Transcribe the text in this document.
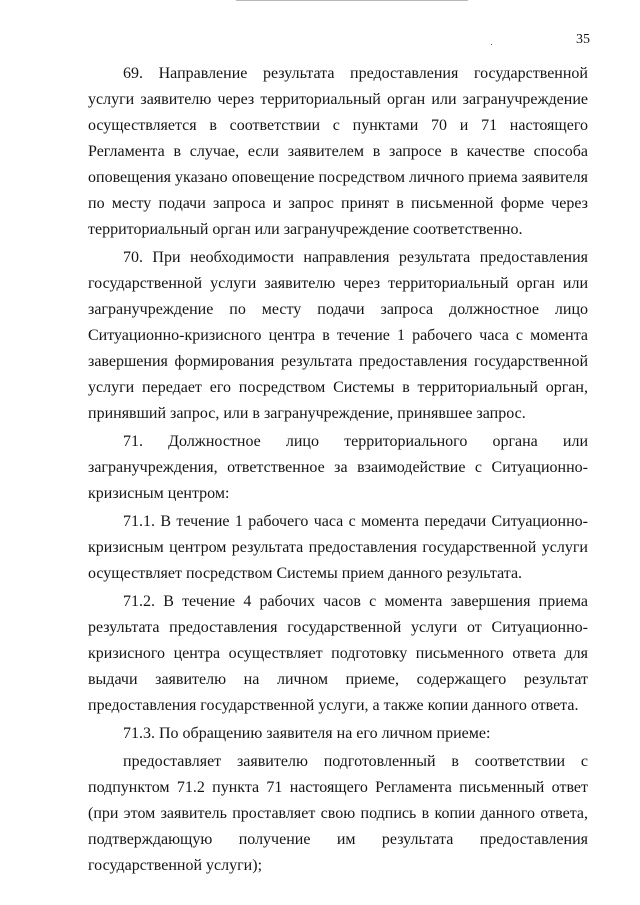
35

69. Направление результата предоставления государственной услуги заявителю через территориальный орган или загранучреждение осуществляется в соответствии с пунктами 70 и 71 настоящего Регламента в случае, если заявителем в запросе в качестве способа оповещения указано оповещение посредством личного приема заявителя по месту подачи запроса и запрос принят в письменной форме через территориальный орган или загранучреждение соответственно.

70. При необходимости направления результата предоставления государственной услуги заявителю через территориальный орган или загранучреждение по месту подачи запроса должностное лицо Ситуационно-кризисного центра в течение 1 рабочего часа с момента завершения формирования результата предоставления государственной услуги передает его посредством Системы в территориальный орган, принявший запрос, или в загранучреждение, принявшее запрос.

71. Должностное лицо территориального органа или загранучреждения, ответственное за взаимодействие с Ситуационно-кризисным центром:

71.1. В течение 1 рабочего часа с момента передачи Ситуационно-кризисным центром результата предоставления государственной услуги осуществляет посредством Системы прием данного результата.

71.2. В течение 4 рабочих часов с момента завершения приема результата предоставления государственной услуги от Ситуационно-кризисного центра осуществляет подготовку письменного ответа для выдачи заявителю на личном приеме, содержащего результат предоставления государственной услуги, а также копии данного ответа.

71.3. По обращению заявителя на его личном приеме:

предоставляет заявителю подготовленный в соответствии с подпунктом 71.2 пункта 71 настоящего Регламента письменный ответ (при этом заявитель проставляет свою подпись в копии данного ответа, подтверждающую получение им результата предоставления государственной услуги);
